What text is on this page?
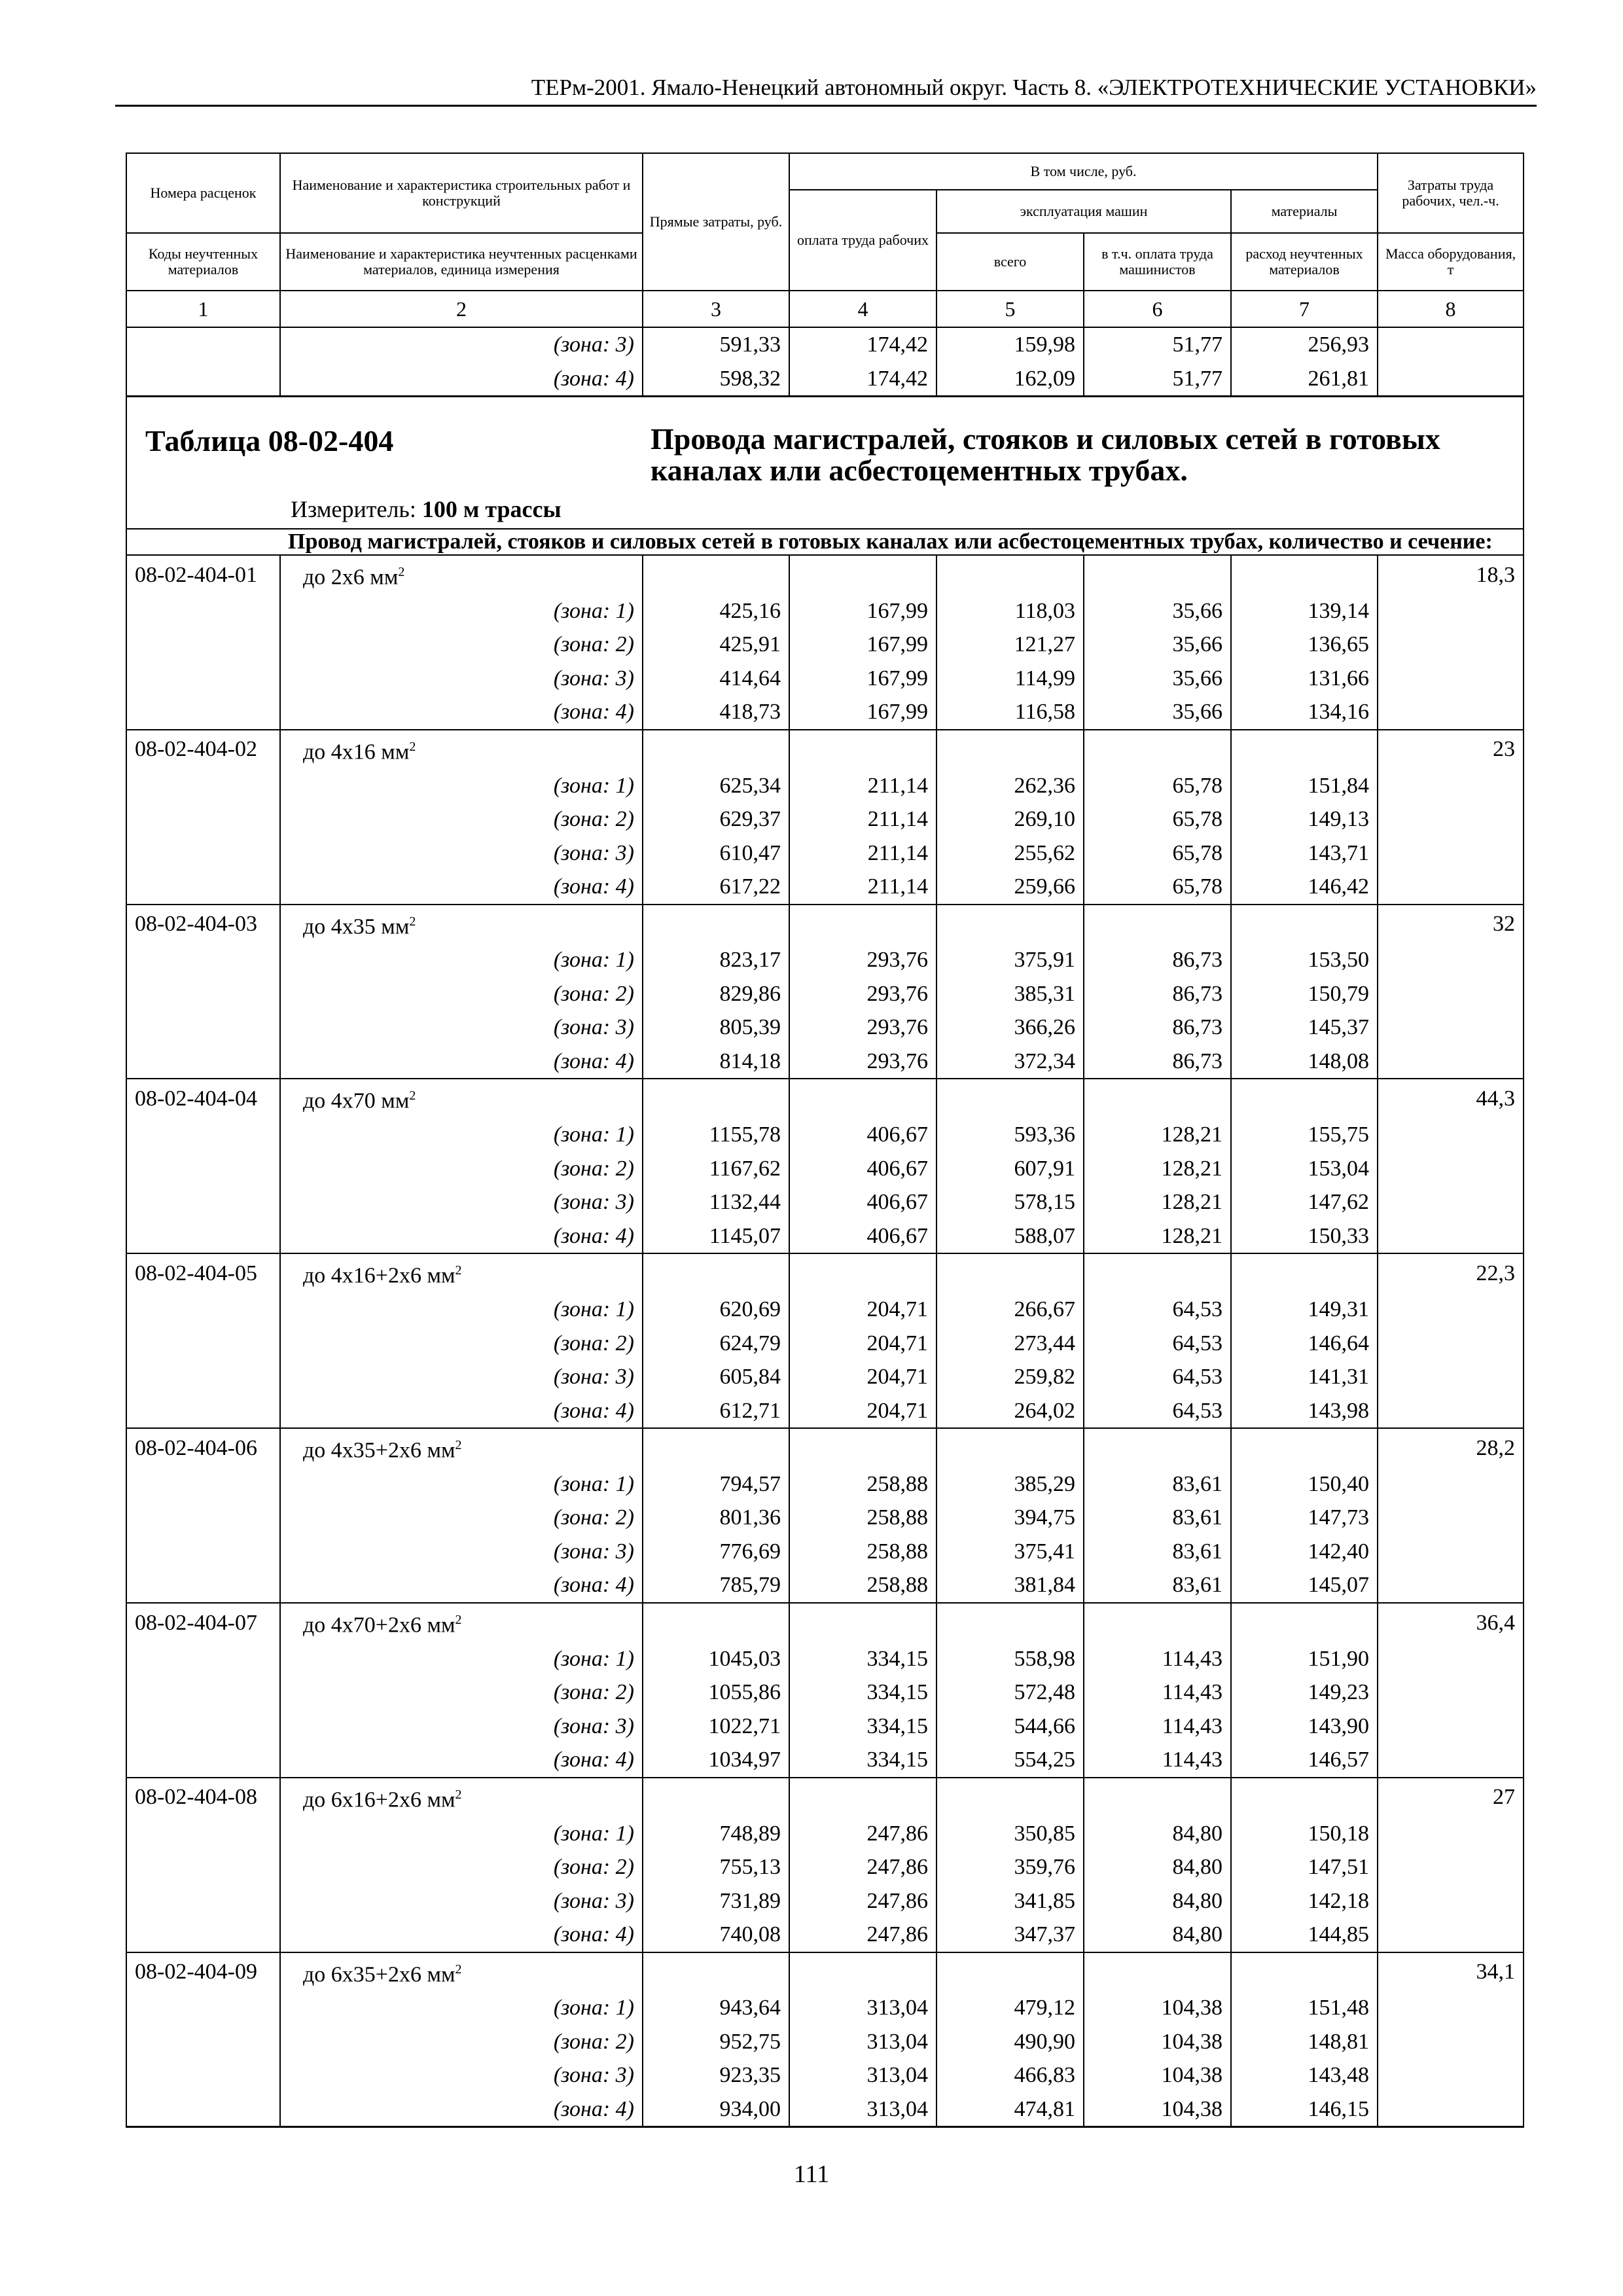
ТЕРм-2001. Ямало-Ненецкий автономный округ. Часть 8. «ЭЛЕКТРОТЕХНИЧЕСКИЕ УСТАНОВКИ»
Номера расценок	Наименование и характеристика строительных работ и конструкций	Прямые затраты, руб.	В том числе, руб.				Затраты труда рабочих, чел.-ч.
			оплата труда рабочих	эксплуатация машин		материалы	
Коды неучтенных материалов	Наименование и характеристика неучтенных расценками материалов, единица измерения			всего	в т.ч. оплата труда машинистов	расход неучтенных материалов	Масса оборудования, т
1	2	3	4	5	6	7	8
	(зона: 3)	591,33	174,42	159,98	51,77	256,93	
	(зона: 4)	598,32	174,42	162,09	51,77	261,81	

Таблица 08-02-404 Провода магистралей, стояков и силовых сетей в готовых каналах или асбестоцементных трубах.
Измеритель: 100 м трассы							

	Провод магистралей, стояков и силовых сетей в готовых каналах или асбестоцементных трубах, количество и сечение:						
08-02-404-01	до 2х6 $мм^2$						18,3
	(зона: 1)	425,16	167,99	118,03	35,66	139,14	
	(зона: 2)	425,91	167,99	121,27	35,66	136,65	
	(зона: 3)	414,64	167,99	114,99	35,66	131,66	
	(зона: 4)	418,73	167,99	116,58	35,66	134,16	
08-02-404-02	до 4х16 $мм^2$						23
	(зона: 1)	625,34	211,14	262,36	65,78	151,84	
	(зона: 2)	629,37	211,14	269,10	65,78	149,13	
	(зона: 3)	610,47	211,14	255,62	65,78	143,71	
	(зона: 4)	617,22	211,14	259,66	65,78	146,42	
08-02-404-03	до 4х35 $мм^2$						32
	(зона: 1)	823,17	293,76	375,91	86,73	153,50	
	(зона: 2)	829,86	293,76	385,31	86,73	150,79	
	(зона: 3)	805,39	293,76	366,26	86,73	145,37	
	(зона: 4)	814,18	293,76	372,34	86,73	148,08	
08-02-404-04	до 4х70 $мм^2$						44,3
	(зона: 1)	1155,78	406,67	593,36	128,21	155,75	
	(зона: 2)	1167,62	406,67	607,91	128,21	153,04	
	(зона: 3)	1132,44	406,67	578,15	128,21	147,62	
	(зона: 4)	1145,07	406,67	588,07	128,21	150,33	
08-02-404-05	до 4х16+2х6 $мм^2$						22,3
	(зона: 1)	620,69	204,71	266,67	64,53	149,31	
	(зона: 2)	624,79	204,71	273,44	64,53	146,64	
	(зона: 3)	605,84	204,71	259,82	64,53	141,31	
	(зона: 4)	612,71	204,71	264,02	64,53	143,98	
08-02-404-06	до 4х35+2х6 $мм^2$						28,2
	(зона: 1)	794,57	258,88	385,29	83,61	150,40	
	(зона: 2)	801,36	258,88	394,75	83,61	147,73	
	(зона: 3)	776,69	258,88	375,41	83,61	142,40	
	(зона: 4)	785,79	258,88	381,84	83,61	145,07	
08-02-404-07	до 4х70+2х6 $мм^2$						36,4
	(зона: 1)	1045,03	334,15	558,98	114,43	151,90	
	(зона: 2)	1055,86	334,15	572,48	114,43	149,23	
	(зона: 3)	1022,71	334,15	544,66	114,43	143,90	
	(зона: 4)	1034,97	334,15	554,25	114,43	146,57	
08-02-404-08	до 6х16+2х6 $мм^2$						27
	(зона: 1)	748,89	247,86	350,85	84,80	150,18	
	(зона: 2)	755,13	247,86	359,76	84,80	147,51	
	(зона: 3)	731,89	247,86	341,85	84,80	142,18	
	(зона: 4)	740,08	247,86	347,37	84,80	144,85	
08-02-404-09	до 6х35+2х6 $мм^2$						34,1
	(зона: 1)	943,64	313,04	479,12	104,38	151,48	
	(зона: 2)	952,75	313,04	490,90	104,38	148,81	
	(зона: 3)	923,35	313,04	466,83	104,38	143,48	
	(зона: 4)	934,00	313,04	474,81	104,38	146,15	
111
